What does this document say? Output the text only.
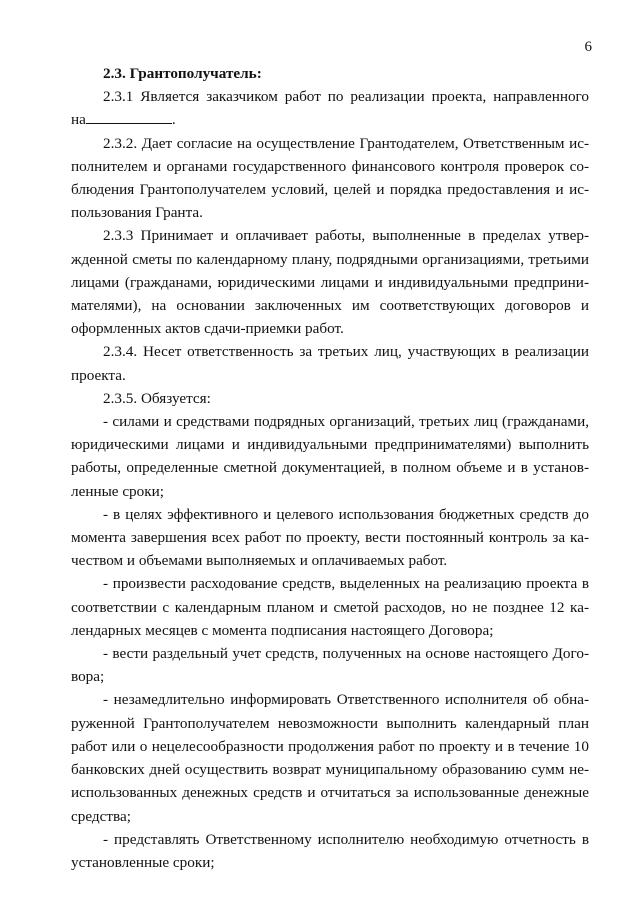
6

2.3. Грантополучатель:

2.3.1 Является заказчиком работ по реализации проекта, направленного
на	.

2.3.2. Дает согласие на осуществление Грантодателем, Ответственным исполнителем и органами государственного финансового контроля проверок соблюдения Грантополучателем условий, целей и порядка предоставления и использования Гранта.

2.3.3 Принимает и оплачивает работы, выполненные в пределах утвержденной сметы по календарному плану, подрядными организациями, третьими лицами (гражданами, юридическими лицами и индивидуальными предпринимателями), на основании заключенных им соответствующих договоров и оформленных актов сдачи-приемки работ.

2.3.4. Несет ответственность за третьих лиц, участвующих в реализации проекта.

2.3.5. Обязуется:

- силами и средствами подрядных организаций, третьих лиц (гражданами, юридическими лицами и индивидуальными предпринимателями) выполнить работы, определенные сметной документацией, в полном объеме и в установленные сроки;

- в целях эффективного и целевого использования бюджетных средств до момента завершения всех работ по проекту, вести постоянный контроль за качеством и объемами выполняемых и оплачиваемых работ.

- произвести расходование средств, выделенных на реализацию проекта в соответствии с календарным планом и сметой расходов, но не позднее 12 календарных месяцев с момента подписания настоящего Договора;

- вести раздельный учет средств, полученных на основе настоящего Договора;

- незамедлительно информировать Ответственного исполнителя об обнаруженной Грантополучателем невозможности выполнить календарный план работ или о нецелесообразности продолжения работ по проекту и в течение 10 банковских дней осуществить возврат муниципальному образованию сумм неиспользованных денежных средств и отчитаться за использованные денежные средства;

- представлять Ответственному исполнителю необходимую отчетность в установленные сроки;
